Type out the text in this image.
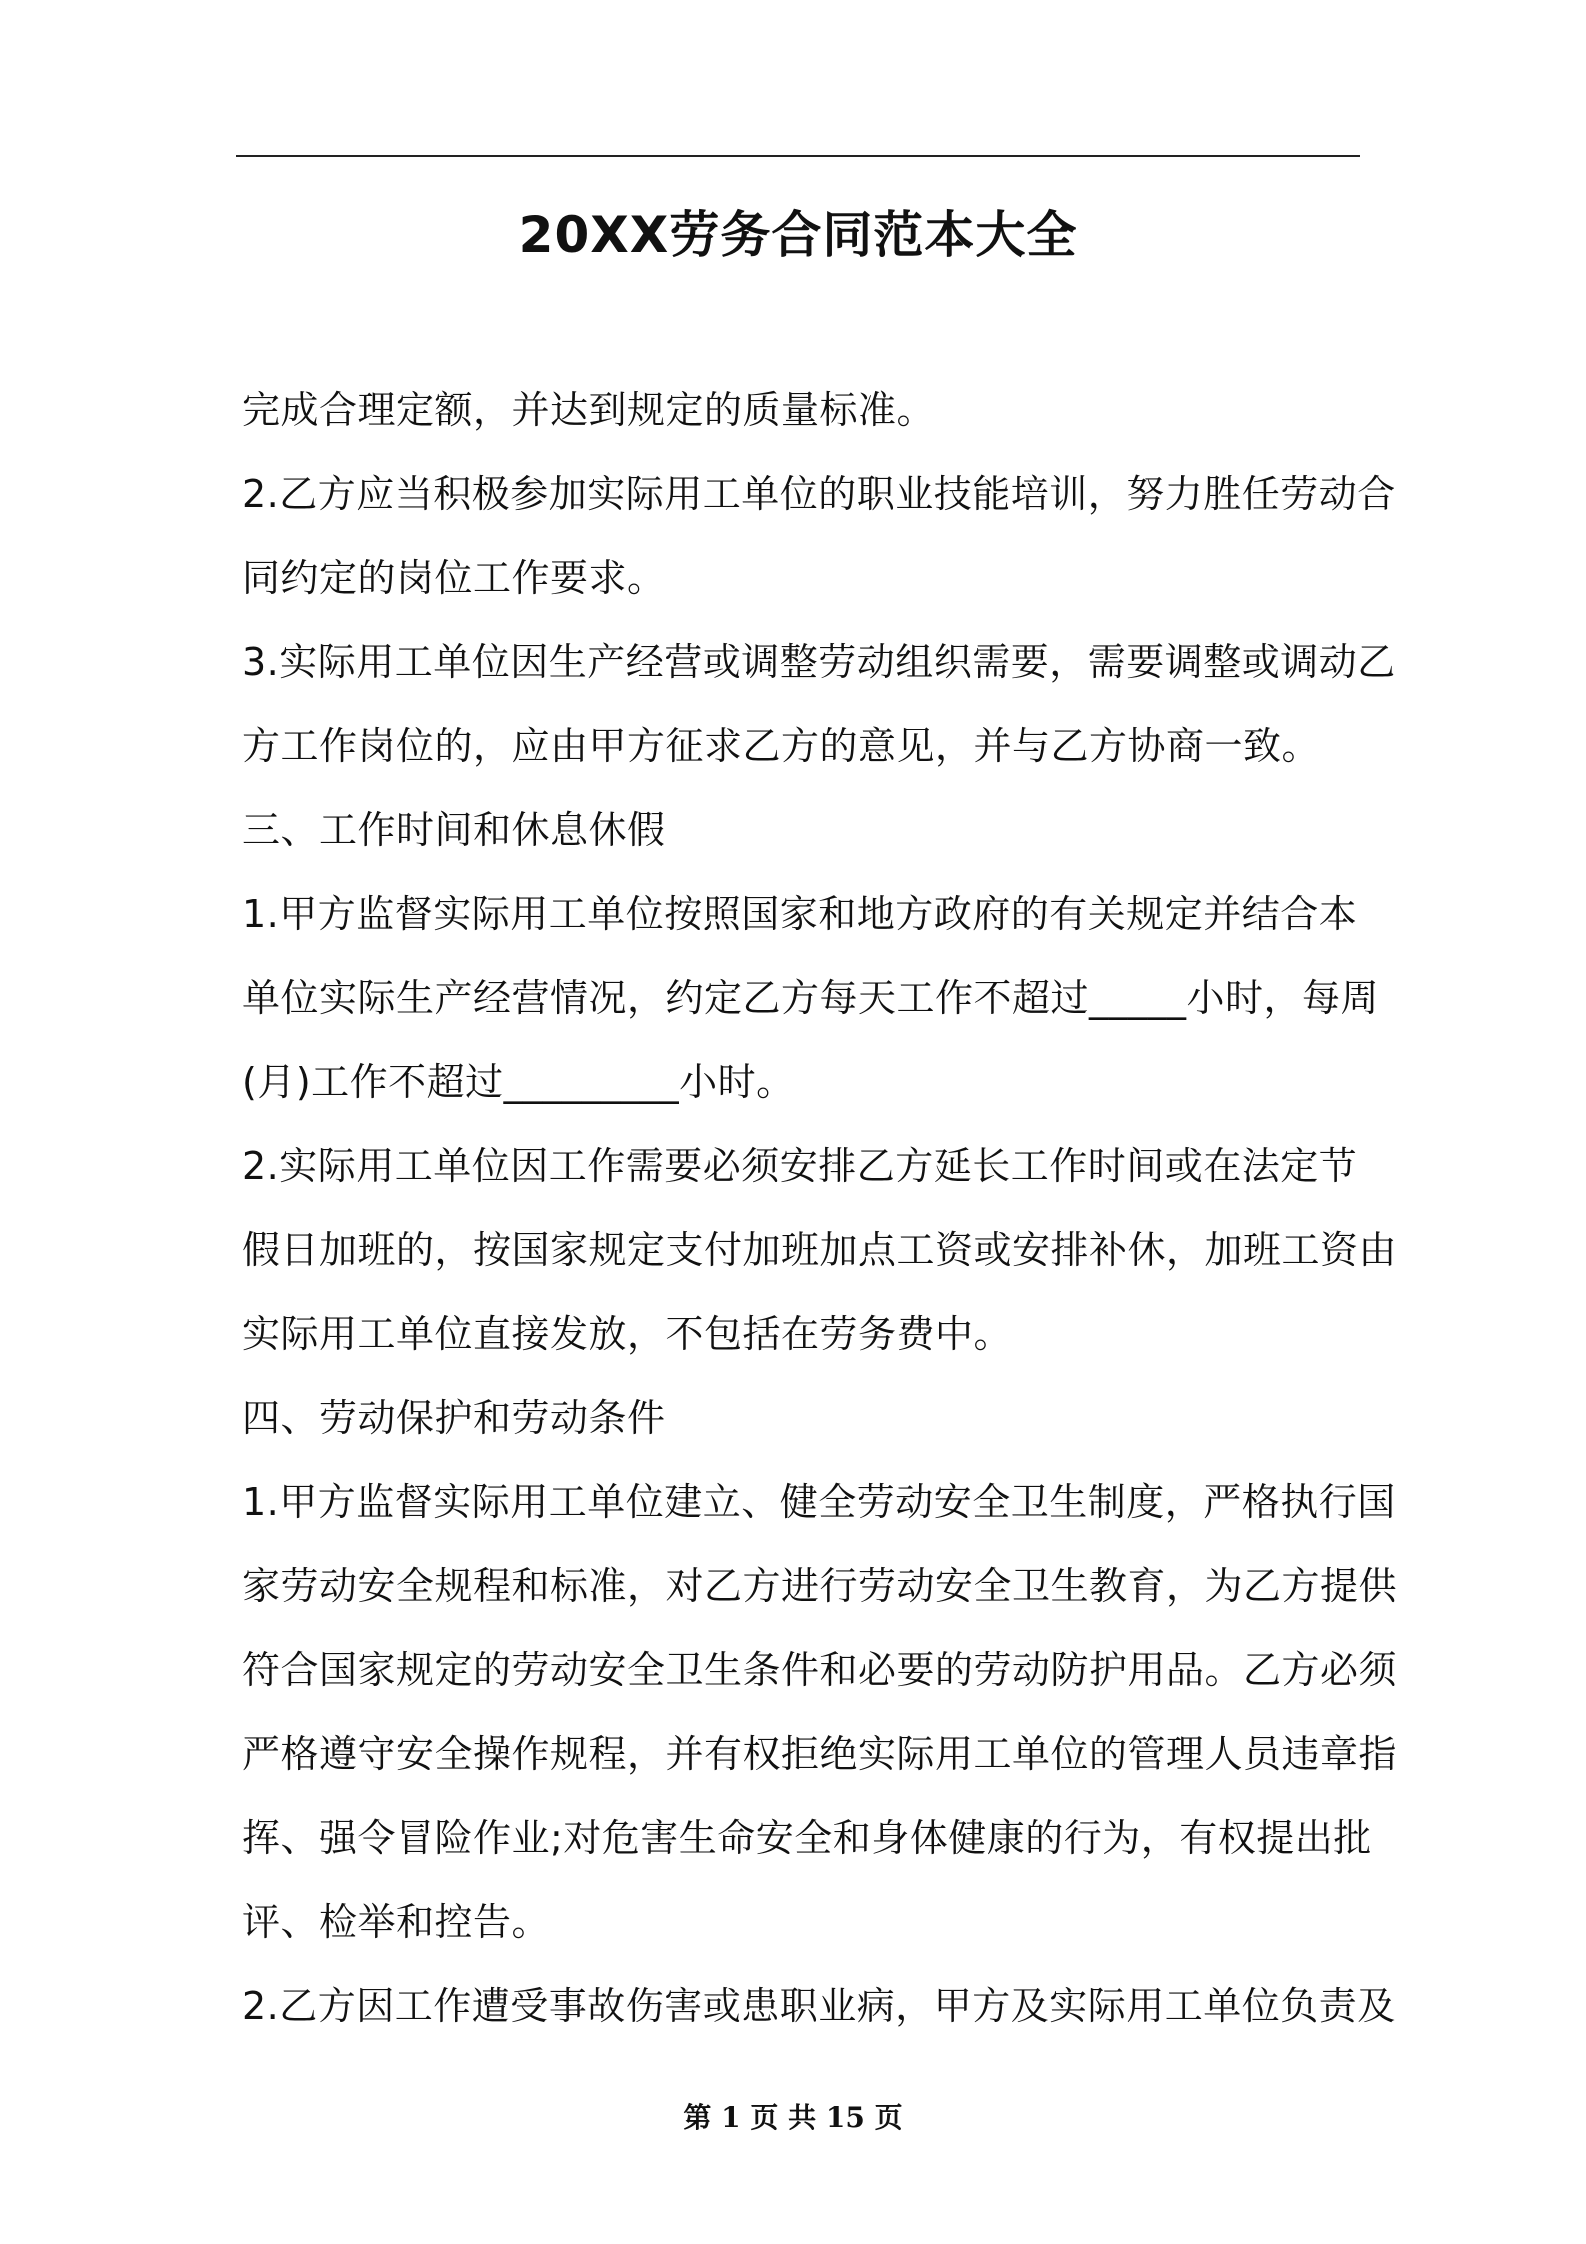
20XX劳务合同范本大全
完成合理定额，并达到规定的质量标准。
2.乙方应当积极参加实际用工单位的职业技能培训，努力胜任劳动合
同约定的岗位工作要求。
3.实际用工单位因生产经营或调整劳动组织需要，需要调整或调动乙
方工作岗位的，应由甲方征求乙方的意见，并与乙方协商一致。
三、工作时间和休息休假
1.甲方监督实际用工单位按照国家和地方政府的有关规定并结合本
单位实际生产经营情况，约定乙方每天工作不超过_____小时，每周
(月)工作不超过_________小时。
2.实际用工单位因工作需要必须安排乙方延长工作时间或在法定节
假日加班的，按国家规定支付加班加点工资或安排补休，加班工资由
实际用工单位直接发放，不包括在劳务费中。
四、劳动保护和劳动条件
1.甲方监督实际用工单位建立、健全劳动安全卫生制度，严格执行国
家劳动安全规程和标准，对乙方进行劳动安全卫生教育，为乙方提供
符合国家规定的劳动安全卫生条件和必要的劳动防护用品。乙方必须
严格遵守安全操作规程，并有权拒绝实际用工单位的管理人员违章指
挥、强令冒险作业;对危害生命安全和身体健康的行为，有权提出批
评、检举和控告。
2.乙方因工作遭受事故伤害或患职业病，甲方及实际用工单位负责及
第 1 页 共 15 页
